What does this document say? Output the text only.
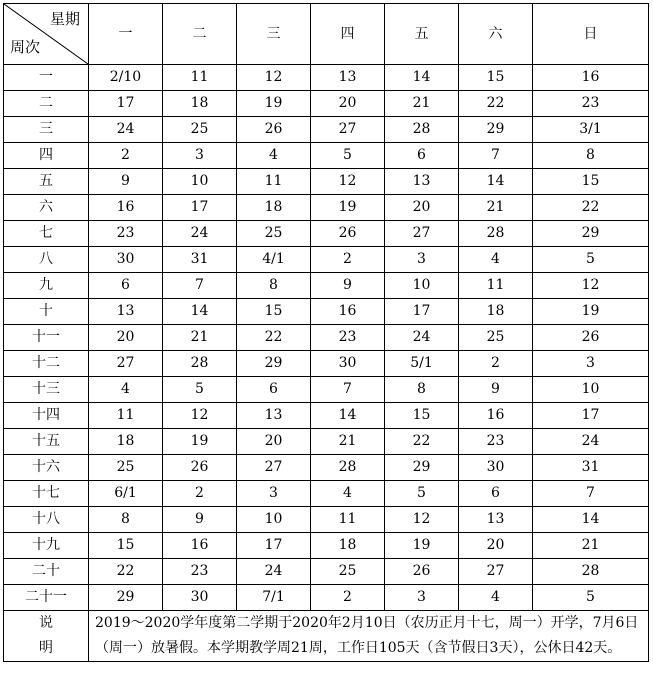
星期
周次	一	二	三	四	五	六	日
一	2/10	11	12	13	14	15	16
二	17	18	19	20	21	22	23
三	24	25	26	27	28	29	3/1
四	2	3	4	5	6	7	8
五	9	10	11	12	13	14	15
六	16	17	18	19	20	21	22
七	23	24	25	26	27	28	29
八	30	31	4/1	2	3	4	5
九	6	7	8	9	10	11	12
十	13	14	15	16	17	18	19
十一	20	21	22	23	24	25	26
十二	27	28	29	30	5/1	2	3
十三	4	5	6	7	8	9	10
十四	11	12	13	14	15	16	17
十五	18	19	20	21	22	23	24
十六	25	26	27	28	29	30	31
十七	6/1	2	3	4	5	6	7
十八	8	9	10	11	12	13	14
十九	15	16	17	18	19	20	21
二十	22	23	24	25	26	27	28
二十一	29	30	7/1	2	3	4	5

说
明	2019～2020学年度第二学期于2020年2月10日（农历正月十七，周一）开学，7月6日（周一）放暑假。本学期教学周21周，工作日105天（含节假日3天），公休日42天。						
